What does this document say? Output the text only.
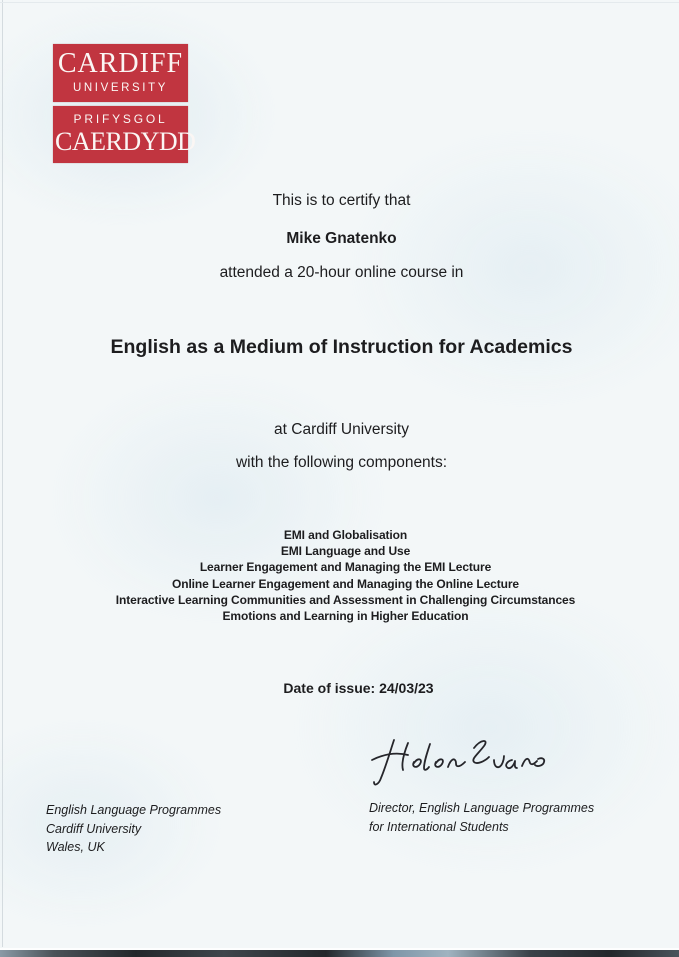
CARDIFF
UNIVERSITY
PRIFYSGOL
CAERDYDD
This is to certify that
Mike Gnatenko
attended a 20-hour online course in
English as a Medium of Instruction for Academics
at Cardiff University
with the following components:
EMI and Globalisation
EMI Language and Use
Learner Engagement and Managing the EMI Lecture
Online Learner Engagement and Managing the Online Lecture
Interactive Learning Communities and Assessment in Challenging Circumstances
Emotions and Learning in Higher Education
Date of issue: 24/03/23
English Language Programmes
Cardiff University
Wales, UK
Director, English Language Programmes
for International Students
